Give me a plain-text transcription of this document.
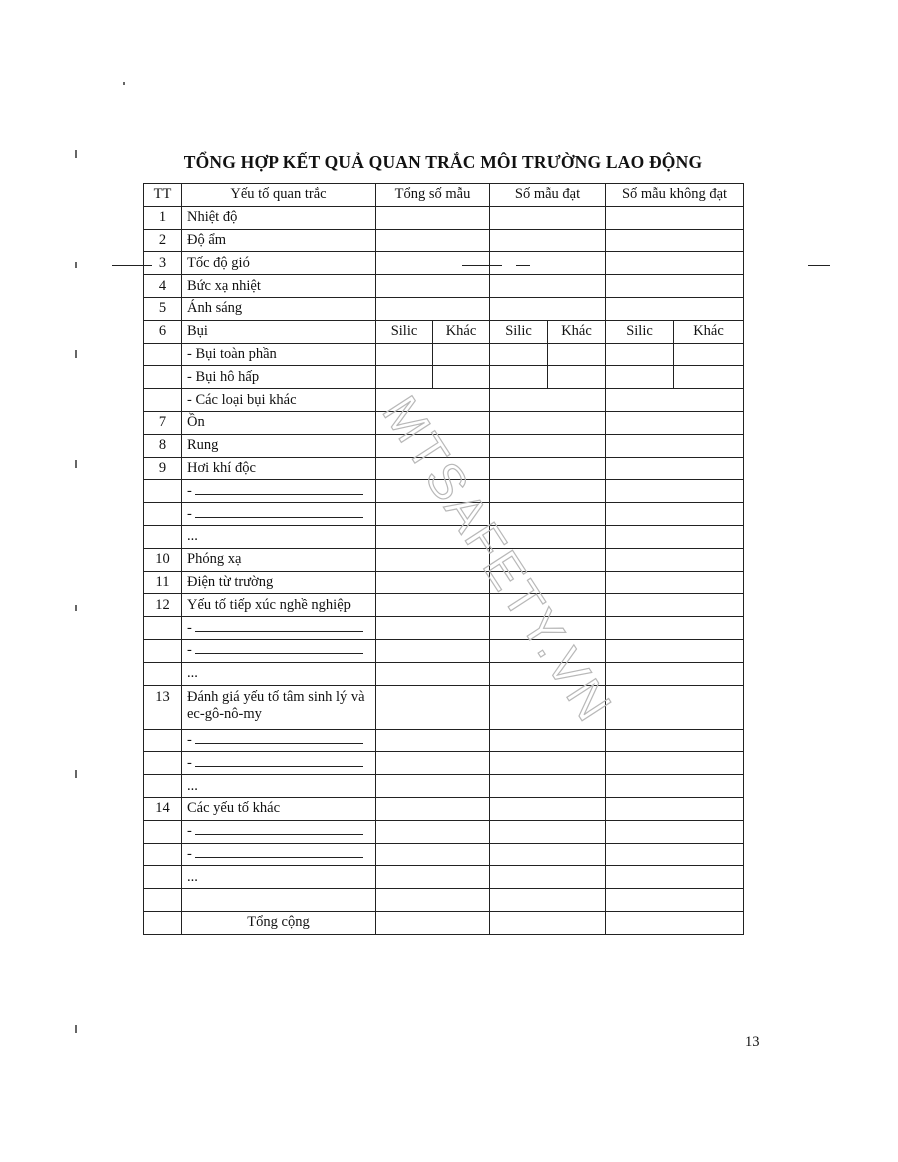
TỔNG HỢP KẾT QUẢ QUAN TRẮC MÔI TRƯỜNG LAO ĐỘNG
TT	Yếu tố quan trắc	Tổng số mẫu		Số mẫu đạt		Số mẫu không đạt	
1	Nhiệt độ						
2	Độ ẩm						
3	Tốc độ gió						
4	Bức xạ nhiệt						
5	Ánh sáng						
6	Bụi	Silic	Khác	Silic	Khác	Silic	Khác
	- Bụi toàn phần						
	- Bụi hô hấp						
	- Các loại bụi khác						
7	Ồn						
8	Rung						
9	Hơi khí độc						
	-						
	-						
	...						
10	Phóng xạ						
11	Điện từ trường						
12	Yếu tố tiếp xúc nghề nghiệp						
	-						
	-						
	...						
13	Đánh giá yếu tố tâm sinh lý và ec-gô-nô-my						
	-						
	-						
	...						
14	Các yếu tố khác						
	-						
	-						
	...						

	Tổng cộng						
MTSAFETY.VN
13
